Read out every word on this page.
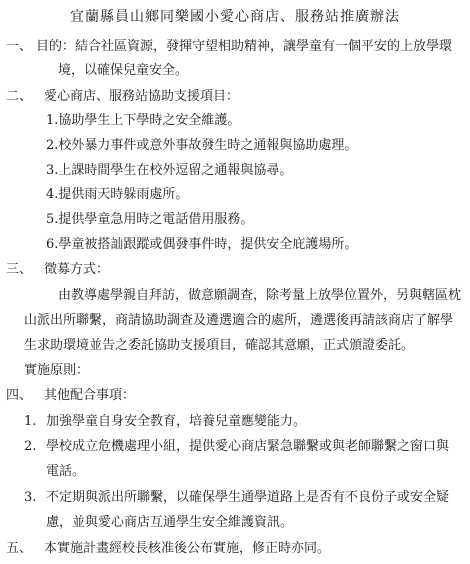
宜蘭縣員山鄉同樂國小愛心商店、服務站推廣辦法
一、 目的：結合社區資源，發揮守望相助精神，讓學童有一個平安的上放學環
境，以確保兒童安全。
二、 愛心商店、服務站協助支援項目：
1.協助學生上下學時之安全維護。
2.校外暴力事件或意外事故發生時之通報與協助處理。
3.上課時間學生在校外逗留之通報與協尋。
4.提供雨天時躲雨處所。
5.提供學童急用時之電話借用服務。
6.學童被搭訕跟蹤或偶發事件時，提供安全庇護場所。
三、 徵募方式：
由教導處學親自拜訪，做意願調查，除考量上放學位置外，另與轄區枕
山派出所聯繫，商請協助調查及遴選適合的處所，遴選後再請該商店了解學
生求助環境並告之委託協助支援項目，確認其意願，正式頒證委託。
實施原則：
四、 其他配合事項：
1. 加強學童自身安全教育，培養兒童應變能力。
2. 學校成立危機處理小組，提供愛心商店緊急聯繫或與老師聯繫之窗口與
電話。
3. 不定期與派出所聯繫，以確保學生通學道路上是否有不良份子或安全疑
慮，並與愛心商店互通學生安全維護資訊。
五、 本實施計畫經校長核准後公布實施，修正時亦同。
